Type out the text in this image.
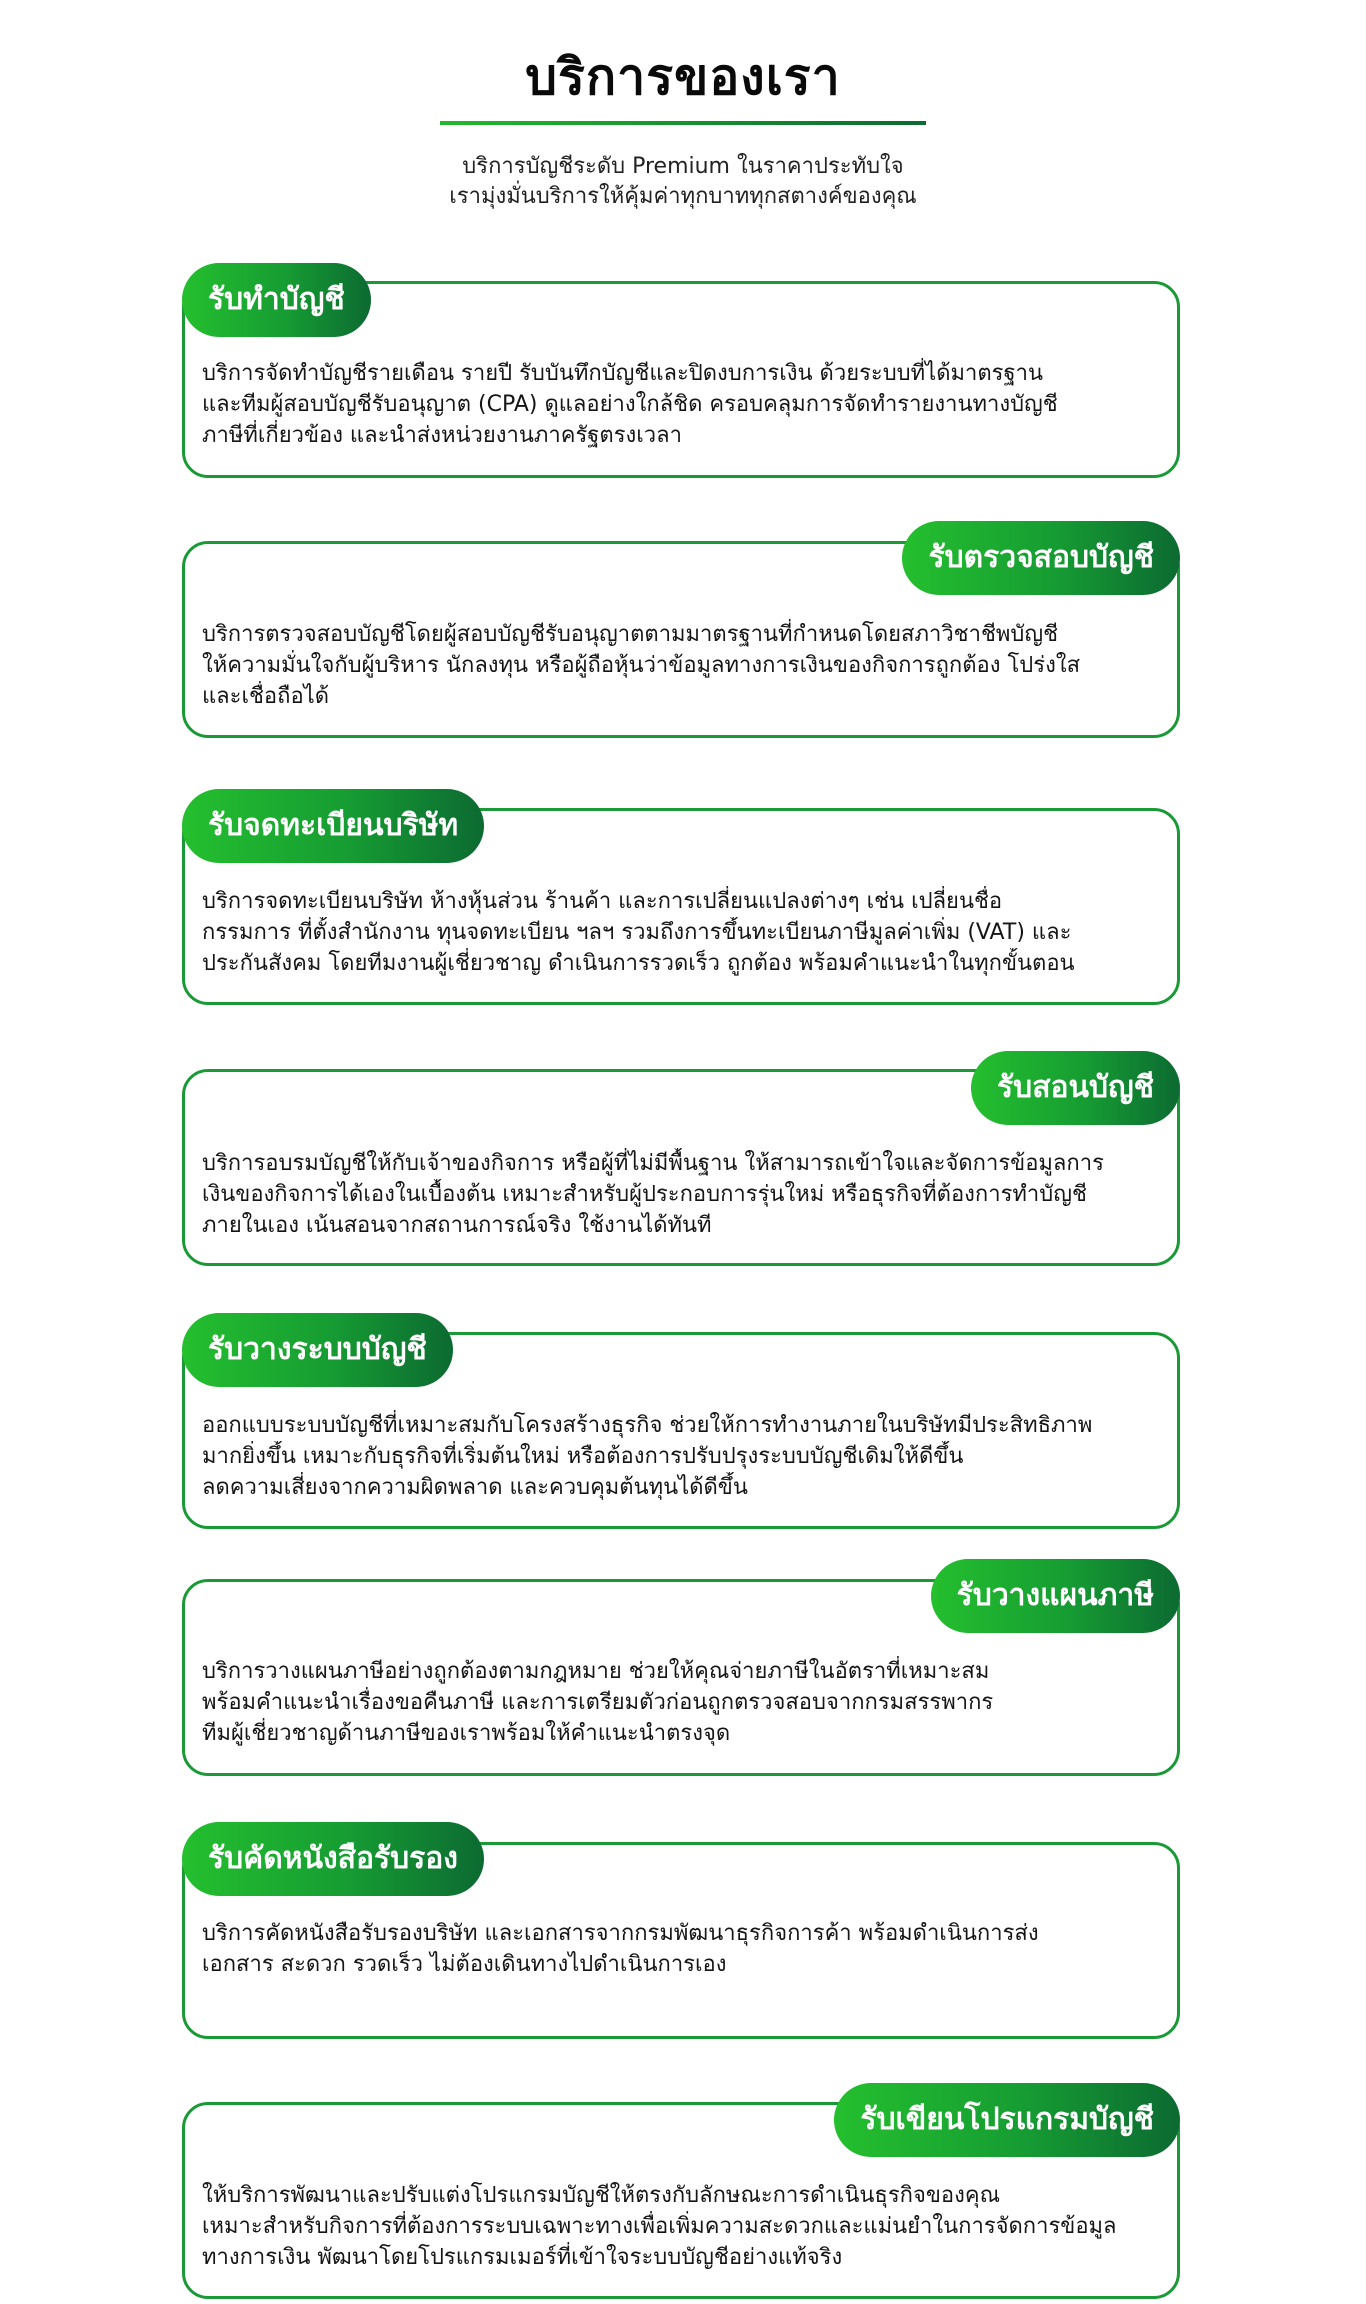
บริการของเรา
บริการบัญชีระดับ Premium ในราคาประทับใจ
เรามุ่งมั่นบริการให้คุ้มค่าทุกบาททุกสตางค์ของคุณ
รับทำบัญชี
บริการจัดทำบัญชีรายเดือน รายปี รับบันทึกบัญชีและปิดงบการเงิน ด้วยระบบที่ได้มาตรฐาน
และทีมผู้สอบบัญชีรับอนุญาต (CPA) ดูแลอย่างใกล้ชิด ครอบคลุมการจัดทำรายงานทางบัญชี
ภาษีที่เกี่ยวข้อง และนำส่งหน่วยงานภาครัฐตรงเวลา
รับตรวจสอบบัญชี
บริการตรวจสอบบัญชีโดยผู้สอบบัญชีรับอนุญาตตามมาตรฐานที่กำหนดโดยสภาวิชาชีพบัญชี
ให้ความมั่นใจกับผู้บริหาร นักลงทุน หรือผู้ถือหุ้นว่าข้อมูลทางการเงินของกิจการถูกต้อง โปร่งใส
และเชื่อถือได้
รับจดทะเบียนบริษัท
บริการจดทะเบียนบริษัท ห้างหุ้นส่วน ร้านค้า และการเปลี่ยนแปลงต่างๆ เช่น เปลี่ยนชื่อ
กรรมการ ที่ตั้งสำนักงาน ทุนจดทะเบียน ฯลฯ รวมถึงการขึ้นทะเบียนภาษีมูลค่าเพิ่ม (VAT) และ
ประกันสังคม โดยทีมงานผู้เชี่ยวชาญ ดำเนินการรวดเร็ว ถูกต้อง พร้อมคำแนะนำในทุกขั้นตอน
รับสอนบัญชี
บริการอบรมบัญชีให้กับเจ้าของกิจการ หรือผู้ที่ไม่มีพื้นฐาน ให้สามารถเข้าใจและจัดการข้อมูลการ
เงินของกิจการได้เองในเบื้องต้น เหมาะสำหรับผู้ประกอบการรุ่นใหม่ หรือธุรกิจที่ต้องการทำบัญชี
ภายในเอง เน้นสอนจากสถานการณ์จริง ใช้งานได้ทันที
รับวางระบบบัญชี
ออกแบบระบบบัญชีที่เหมาะสมกับโครงสร้างธุรกิจ ช่วยให้การทำงานภายในบริษัทมีประสิทธิภาพ
มากยิ่งขึ้น เหมาะกับธุรกิจที่เริ่มต้นใหม่ หรือต้องการปรับปรุงระบบบัญชีเดิมให้ดีขึ้น
ลดความเสี่ยงจากความผิดพลาด และควบคุมต้นทุนได้ดีขึ้น
รับวางแผนภาษี
บริการวางแผนภาษีอย่างถูกต้องตามกฎหมาย ช่วยให้คุณจ่ายภาษีในอัตราที่เหมาะสม
พร้อมคำแนะนำเรื่องขอคืนภาษี และการเตรียมตัวก่อนถูกตรวจสอบจากกรมสรรพากร
ทีมผู้เชี่ยวชาญด้านภาษีของเราพร้อมให้คำแนะนำตรงจุด
รับคัดหนังสือรับรอง
บริการคัดหนังสือรับรองบริษัท และเอกสารจากกรมพัฒนาธุรกิจการค้า พร้อมดำเนินการส่ง
เอกสาร สะดวก รวดเร็ว ไม่ต้องเดินทางไปดำเนินการเอง
รับเขียนโปรแกรมบัญชี
ให้บริการพัฒนาและปรับแต่งโปรแกรมบัญชีให้ตรงกับลักษณะการดำเนินธุรกิจของคุณ
เหมาะสำหรับกิจการที่ต้องการระบบเฉพาะทางเพื่อเพิ่มความสะดวกและแม่นยำในการจัดการข้อมูล
ทางการเงิน พัฒนาโดยโปรแกรมเมอร์ที่เข้าใจระบบบัญชีอย่างแท้จริง
